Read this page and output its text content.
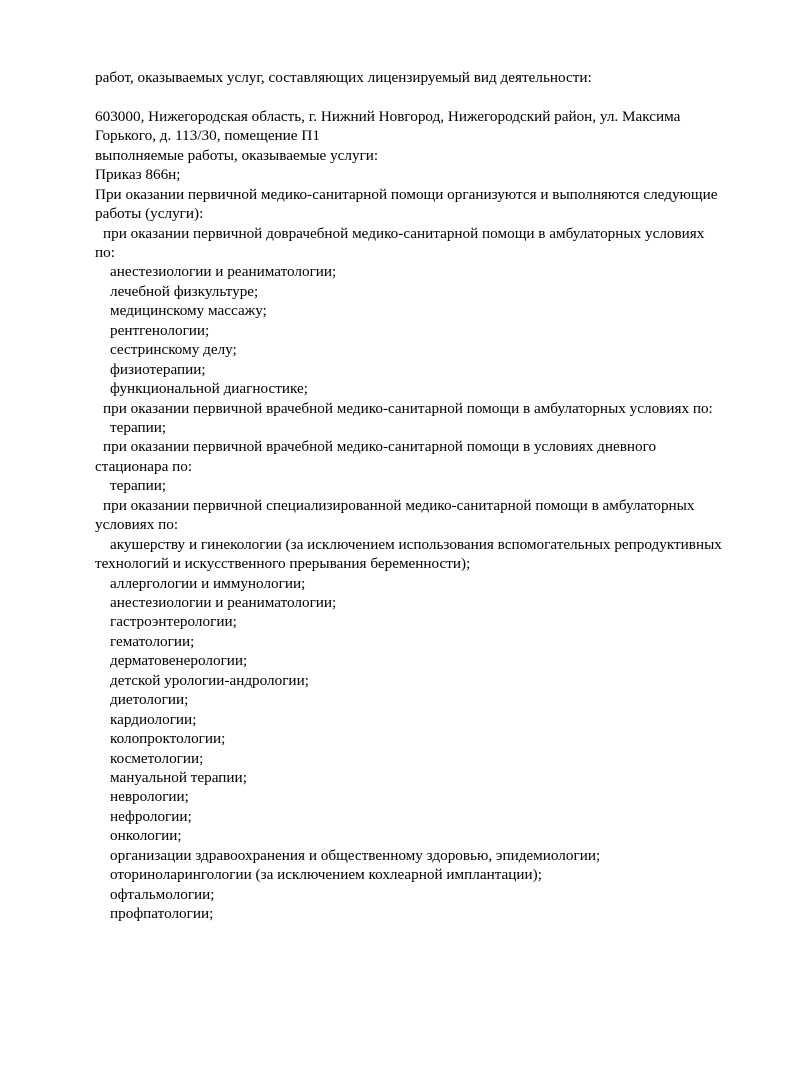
работ, оказываемых услуг, составляющих лицензируемый вид деятельности:
603000, Нижегородская область, г. Нижний Новгород, Нижегородский район, ул. Максима
Горького, д. 113/30, помещение П1
выполняемые работы, оказываемые услуги:
Приказ 866н;
При оказании первичной медико-санитарной помощи организуются и выполняются следующие
работы (услуги):
при оказании первичной доврачебной медико-санитарной помощи в амбулаторных условиях
по:
анестезиологии и реаниматологии;
лечебной физкультуре;
медицинскому массажу;
рентгенологии;
сестринскому делу;
физиотерапии;
функциональной диагностике;
при оказании первичной врачебной медико-санитарной помощи в амбулаторных условиях по:
терапии;
при оказании первичной врачебной медико-санитарной помощи в условиях дневного
стационара по:
терапии;
при оказании первичной специализированной медико-санитарной помощи в амбулаторных
условиях по:
акушерству и гинекологии (за исключением использования вспомогательных репродуктивных
технологий и искусственного прерывания беременности);
аллергологии и иммунологии;
анестезиологии и реаниматологии;
гастроэнтерологии;
гематологии;
дерматовенерологии;
детской урологии-андрологии;
диетологии;
кардиологии;
колопроктологии;
косметологии;
мануальной терапии;
неврологии;
нефрологии;
онкологии;
организации здравоохранения и общественному здоровью, эпидемиологии;
оториноларингологии (за исключением кохлеарной имплантации);
офтальмологии;
профпатологии;
